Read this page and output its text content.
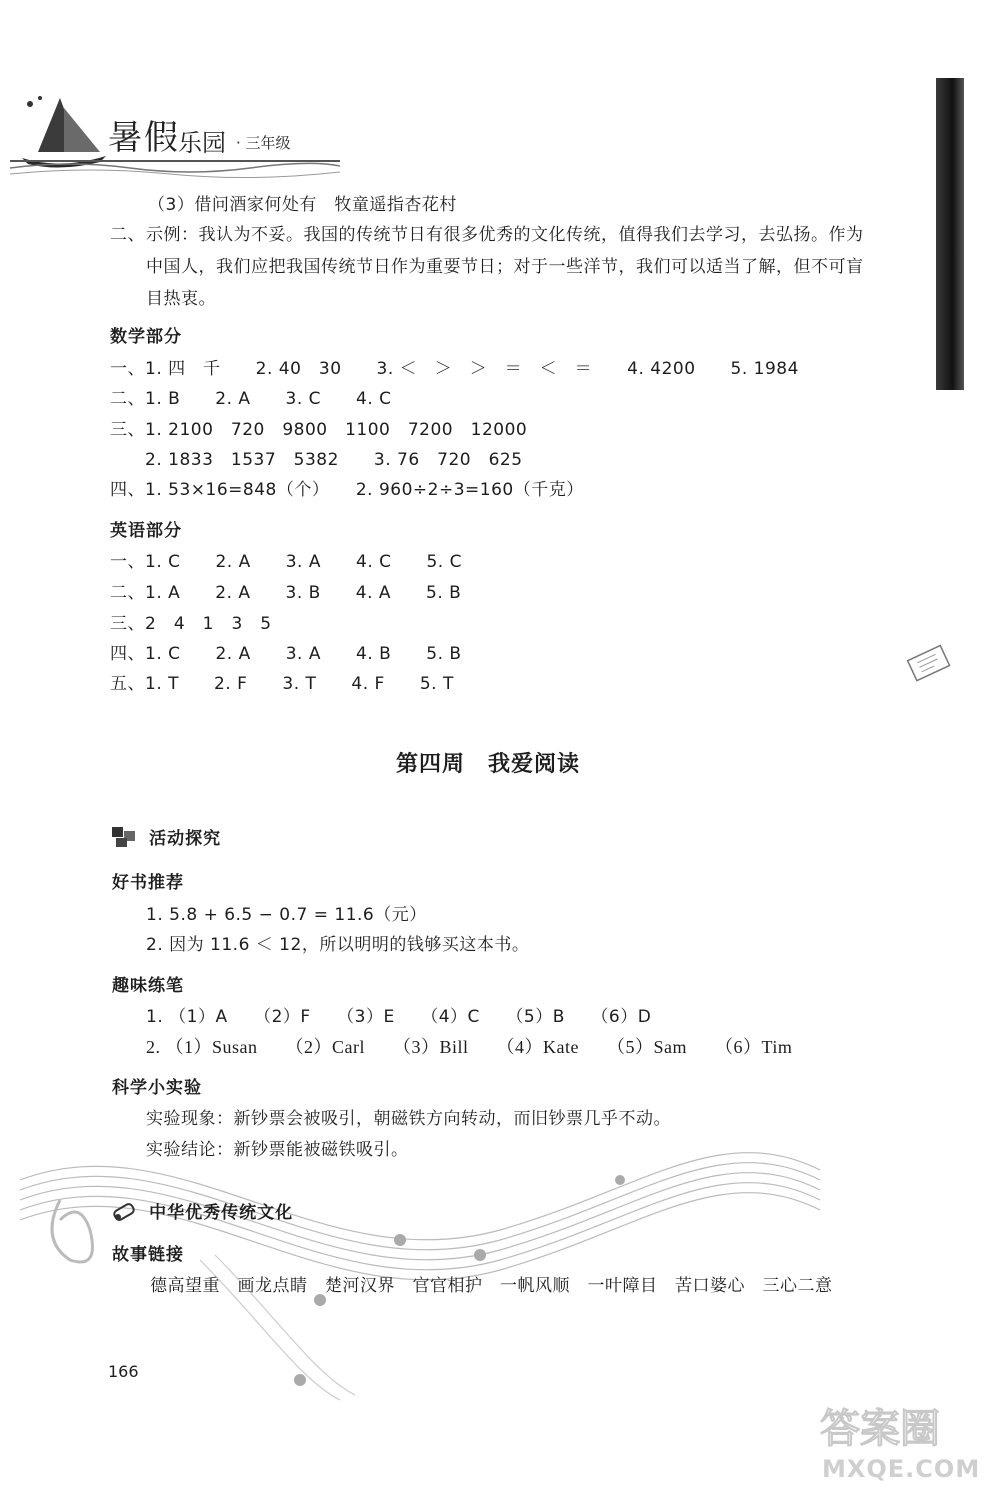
暑假
乐园 · 三年级
（3）借问酒家何处有　牧童遥指杏花村
二、 示例：我认为不妥。我国的传统节日有很多优秀的文化传统，值得我们去学习，去弘扬。作为
中国人，我们应把我国传统节日作为重要节日；对于一些洋节，我们可以适当了解，但不可盲
目热衷。
数学部分
一、1. 四　千　　2. 40　30　　3. ＜　＞　＞　＝　＜　＝　　4. 4200　　5. 1984
二、1. B　　2. A　　3. C　　4. C
三、1. 2100　720　9800　1100　7200　12000
　　2. 1833　1537　5382　　3. 76　720　625
四、1. 53×16=848（个）　　2. 960÷2÷3=160（千克）
英语部分
一、1. C　　2. A　　3. A　　4. C　　5. C
二、1. A　　2. A　　3. B　　4. A　　5. B
三、2　4　1　3　5
四、1. C　　2. A　　3. A　　4. B　　5. B
五、1. T　　2. F　　3. T　　4. F　　5. T
第四周　我爱阅读
活动探究
好书推荐
1. 5.8 + 6.5 − 0.7 = 11.6（元）
2. 因为 11.6 ＜ 12，所以明明的钱够买这本书。
趣味练笔
1. （1）A　　（2）F　　（3）E　　（4）C　　（5）B　　（6）D
2. （1）Susan　　（2）Carl　　（3）Bill　　（4）Kate　　（5）Sam　　（6）Tim
科学小实验
实验现象：新钞票会被吸引，朝磁铁方向转动，而旧钞票几乎不动。
实验结论：新钞票能被磁铁吸引。
中华优秀传统文化
故事链接
德高望重　画龙点睛　楚河汉界　官官相护　一帆风顺　一叶障目　苦口婆心　三心二意
166
答案圈
MXQE.COM
